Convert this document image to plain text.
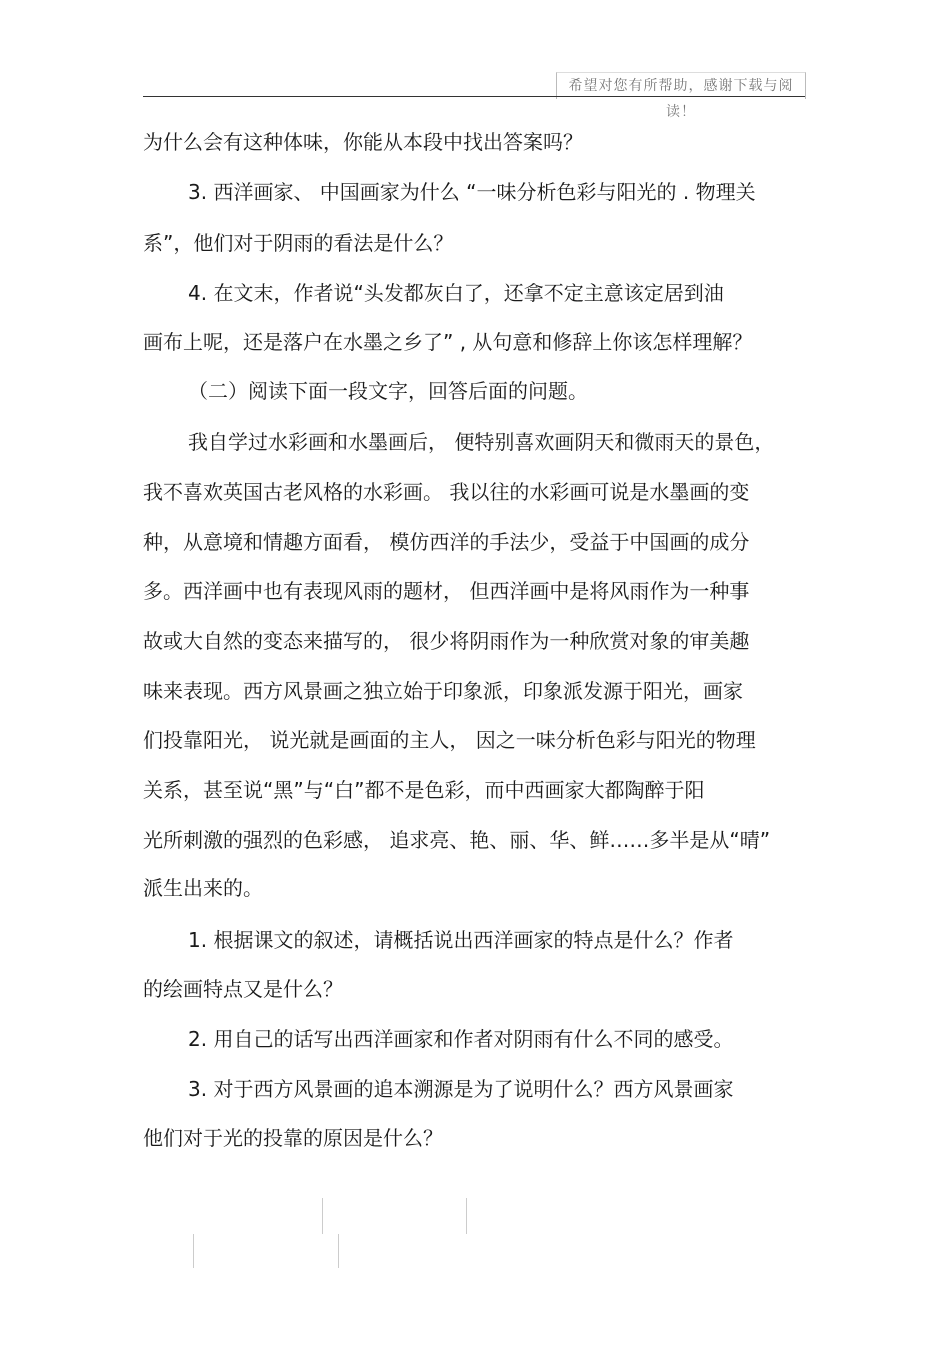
希望对您有所帮助，感谢下载与阅读！
为什么会有这种体味，你能从本段中找出答案吗？
3. 西洋画家、 中国画家为什么 “一味分析色彩与阳光的 . 物理关
系”，他们对于阴雨的看法是什么？
4. 在文末，作者说“头发都灰白了，还拿不定主意该定居到油
画布上呢，还是落户在水墨之乡了” , 从句意和修辞上你该怎样理解？
（二）阅读下面一段文字，回答后面的问题。
我自学过水彩画和水墨画后， 便特别喜欢画阴天和微雨天的景色，
我不喜欢英国古老风格的水彩画。 我以往的水彩画可说是水墨画的变
种，从意境和情趣方面看， 模仿西洋的手法少，受益于中国画的成分
多。西洋画中也有表现风雨的题材， 但西洋画中是将风雨作为一种事
故或大自然的变态来描写的， 很少将阴雨作为一种欣赏对象的审美趣
味来表现。西方风景画之独立始于印象派，印象派发源于阳光，画家
们投靠阳光， 说光就是画面的主人， 因之一味分析色彩与阳光的物理
关系，甚至说“黑”与“白”都不是色彩，而中西画家大都陶醉于阳
光所刺激的强烈的色彩感， 追求亮、艳、丽、华、鲜……多半是从“晴”
派生出来的。
1. 根据课文的叙述，请概括说出西洋画家的特点是什么？作者
的绘画特点又是什么？
2. 用自己的话写出西洋画家和作者对阴雨有什么不同的感受。
3. 对于西方风景画的追本溯源是为了说明什么？西方风景画家
他们对于光的投靠的原因是什么？
